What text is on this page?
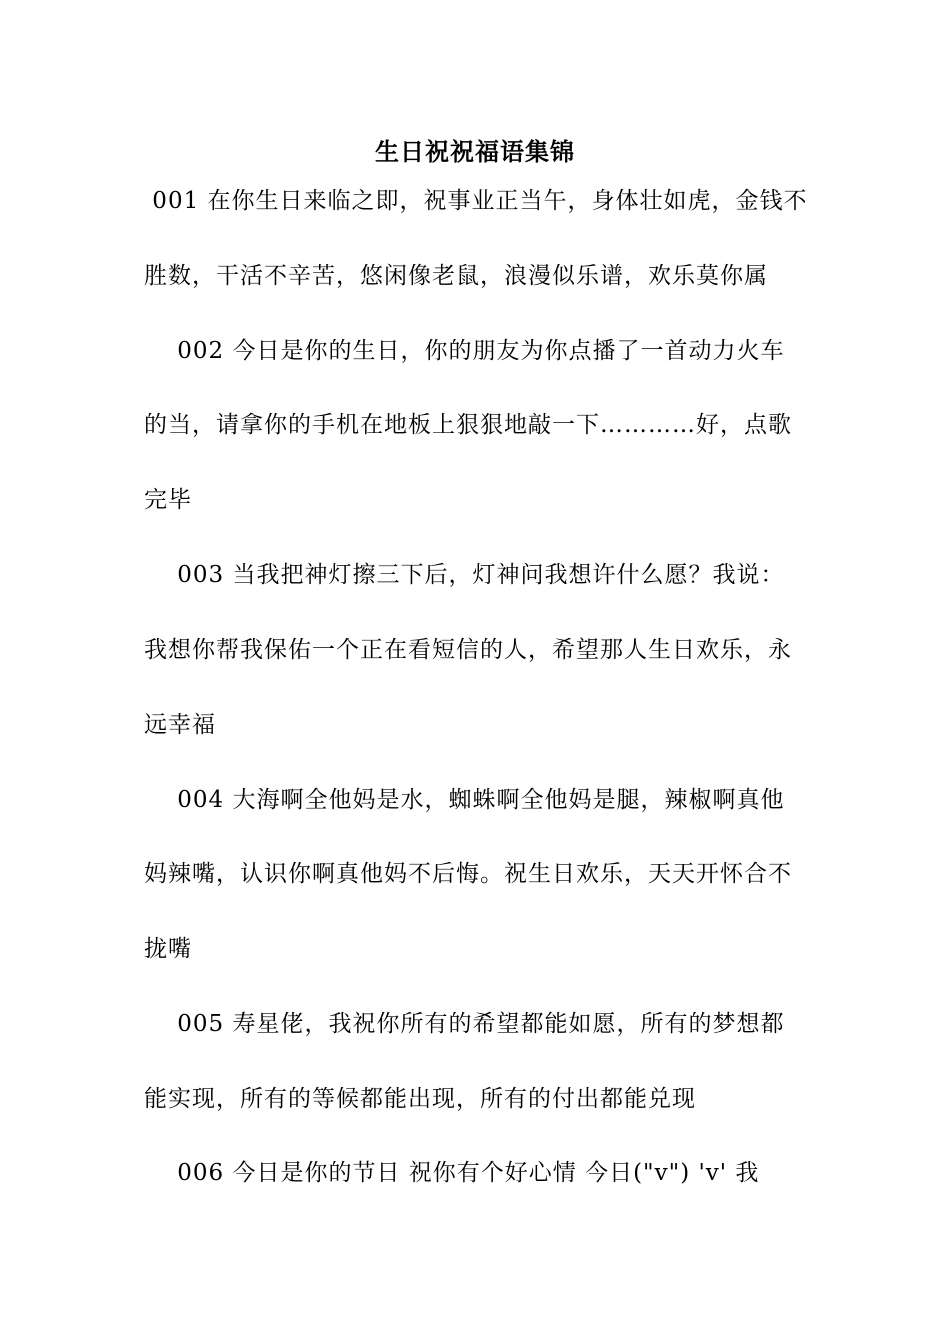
生日祝祝福语集锦
001 在你生日来临之即，祝事业正当午，身体壮如虎，金钱不
胜数，干活不辛苦，悠闲像老鼠，浪漫似乐谱，欢乐莫你属
002 今日是你的生日，你的朋友为你点播了一首动力火车
的当，请拿你的手机在地板上狠狠地敲一下…………好，点歌
完毕
003 当我把神灯擦三下后，灯神问我想许什么愿？我说：
我想你帮我保佑一个正在看短信的人，希望那人生日欢乐，永
远幸福
004 大海啊全他妈是水，蜘蛛啊全他妈是腿，辣椒啊真他
妈辣嘴，认识你啊真他妈不后悔。祝生日欢乐，天天开怀合不
拢嘴
005 寿星佬，我祝你所有的希望都能如愿，所有的梦想都
能实现，所有的等候都能出现，所有的付出都能兑现
006 今日是你的节日 祝你有个好心情 今日("v") 'v' 我
